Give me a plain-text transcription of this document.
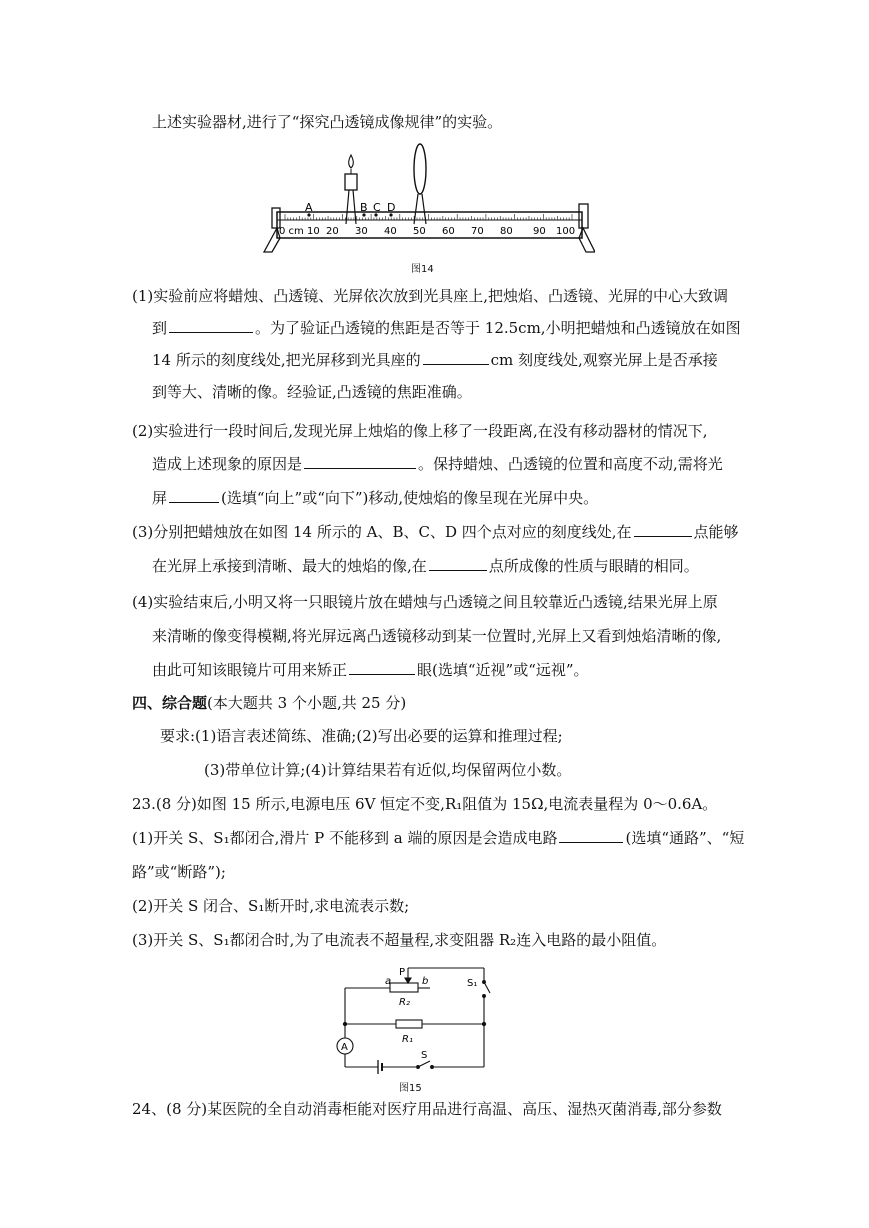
上述实验器材,进行了“探究凸透镜成像规律”的实验。
A	B C D
0 cm 10 20 30 40 50 60 70 80 90 100
图14
(1)实验前应将蜡烛、凸透镜、光屏依次放到光具座上,把烛焰、凸透镜、光屏的中心大致调
到	。为了验证凸透镜的焦距是否等于 12.5cm,小明把蜡烛和凸透镜放在如图
14 所示的刻度线处,把光屏移到光具座的	cm 刻度线处,观察光屏上是否承接
到等大、清晰的像。经验证,凸透镜的焦距准确。
(2)实验进行一段时间后,发现光屏上烛焰的像上移了一段距离,在没有移动器材的情况下,
造成上述现象的原因是	。保持蜡烛、凸透镜的位置和高度不动,需将光
屏	(选填“向上”或“向下”)移动,使烛焰的像呈现在光屏中央。
(3)分别把蜡烛放在如图 14 所示的 A、B、C、D 四个点对应的刻度线处,在	点能够
在光屏上承接到清晰、最大的烛焰的像,在	点所成像的性质与眼睛的相同。
(4)实验结束后,小明又将一只眼镜片放在蜡烛与凸透镜之间且较靠近凸透镜,结果光屏上原
来清晰的像变得模糊,将光屏远离凸透镜移动到某一位置时,光屏上又看到烛焰清晰的像,
由此可知该眼镜片可用来矫正	眼(选填“近视”或“远视”。
四、综合题(本大题共 3 个小题,共 25 分)
要求:(1)语言表述简练、准确;(2)写出必要的运算和推理过程;
(3)带单位计算;(4)计算结果若有近似,均保留两位小数。
23.(8 分)如图 15 所示,电源电压 6V 恒定不变,R₁阻值为 15Ω,电流表量程为 0～0.6A。
(1)开关 S、S₁都闭合,滑片 P 不能移到 a 端的原因是会造成电路	(选填“通路”、“短
路”或“断路”);
(2)开关 S 闭合、S₁断开时,求电流表示数;
(3)开关 S、S₁都闭合时,为了电流表不超量程,求变阻器 R₂连入电路的最小阻值。
A
P
a	b
R₂
R₁
S₁
S
图15
24、(8 分)某医院的全自动消毒柜能对医疗用品进行高温、高压、湿热灭菌消毒,部分参数
